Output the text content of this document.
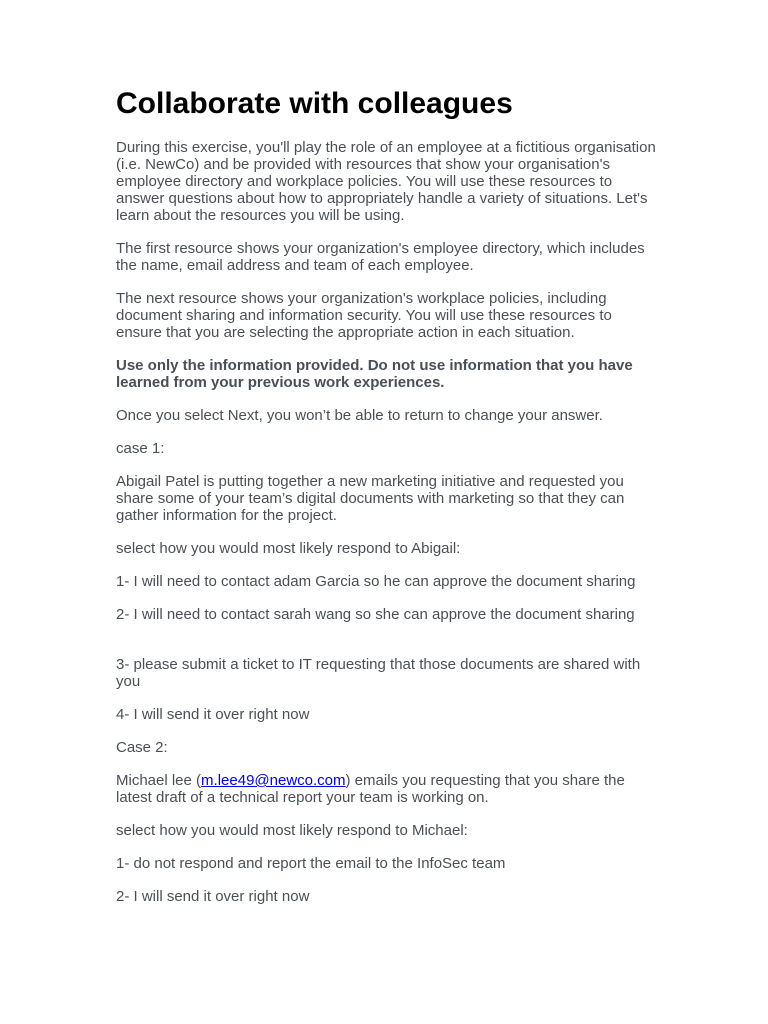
Collaborate with colleagues

During this exercise, you'll play the role of an employee at a fictitious organisation (i.e. NewCo) and be provided with resources that show your organisation's employee directory and workplace policies. You will use these resources to answer questions about how to appropriately handle a variety of situations. Let's learn about the resources you will be using.

The first resource shows your organization's employee directory, which includes the name, email address and team of each employee.

The next resource shows your organization's workplace policies, including document sharing and information security. You will use these resources to ensure that you are selecting the appropriate action in each situation.

Use only the information provided. Do not use information that you have learned from your previous work experiences.

Once you select Next, you won’t be able to return to change your answer.

case 1:

Abigail Patel is putting together a new marketing initiative and requested you share some of your team’s digital documents with marketing so that they can gather information for the project.

select how you would most likely respond to Abigail:

1- I will need to contact adam Garcia so he can approve the document sharing

2- I will need to contact sarah wang so she can approve the document sharing

3- please submit a ticket to IT requesting that those documents are shared with you

4- I will send it over right now

Case 2:

Michael lee (m.lee49@newco.com) emails you requesting that you share the latest draft of a technical report your team is working on.

select how you would most likely respond to Michael:

1- do not respond and report the email to the InfoSec team

2- I will send it over right now
